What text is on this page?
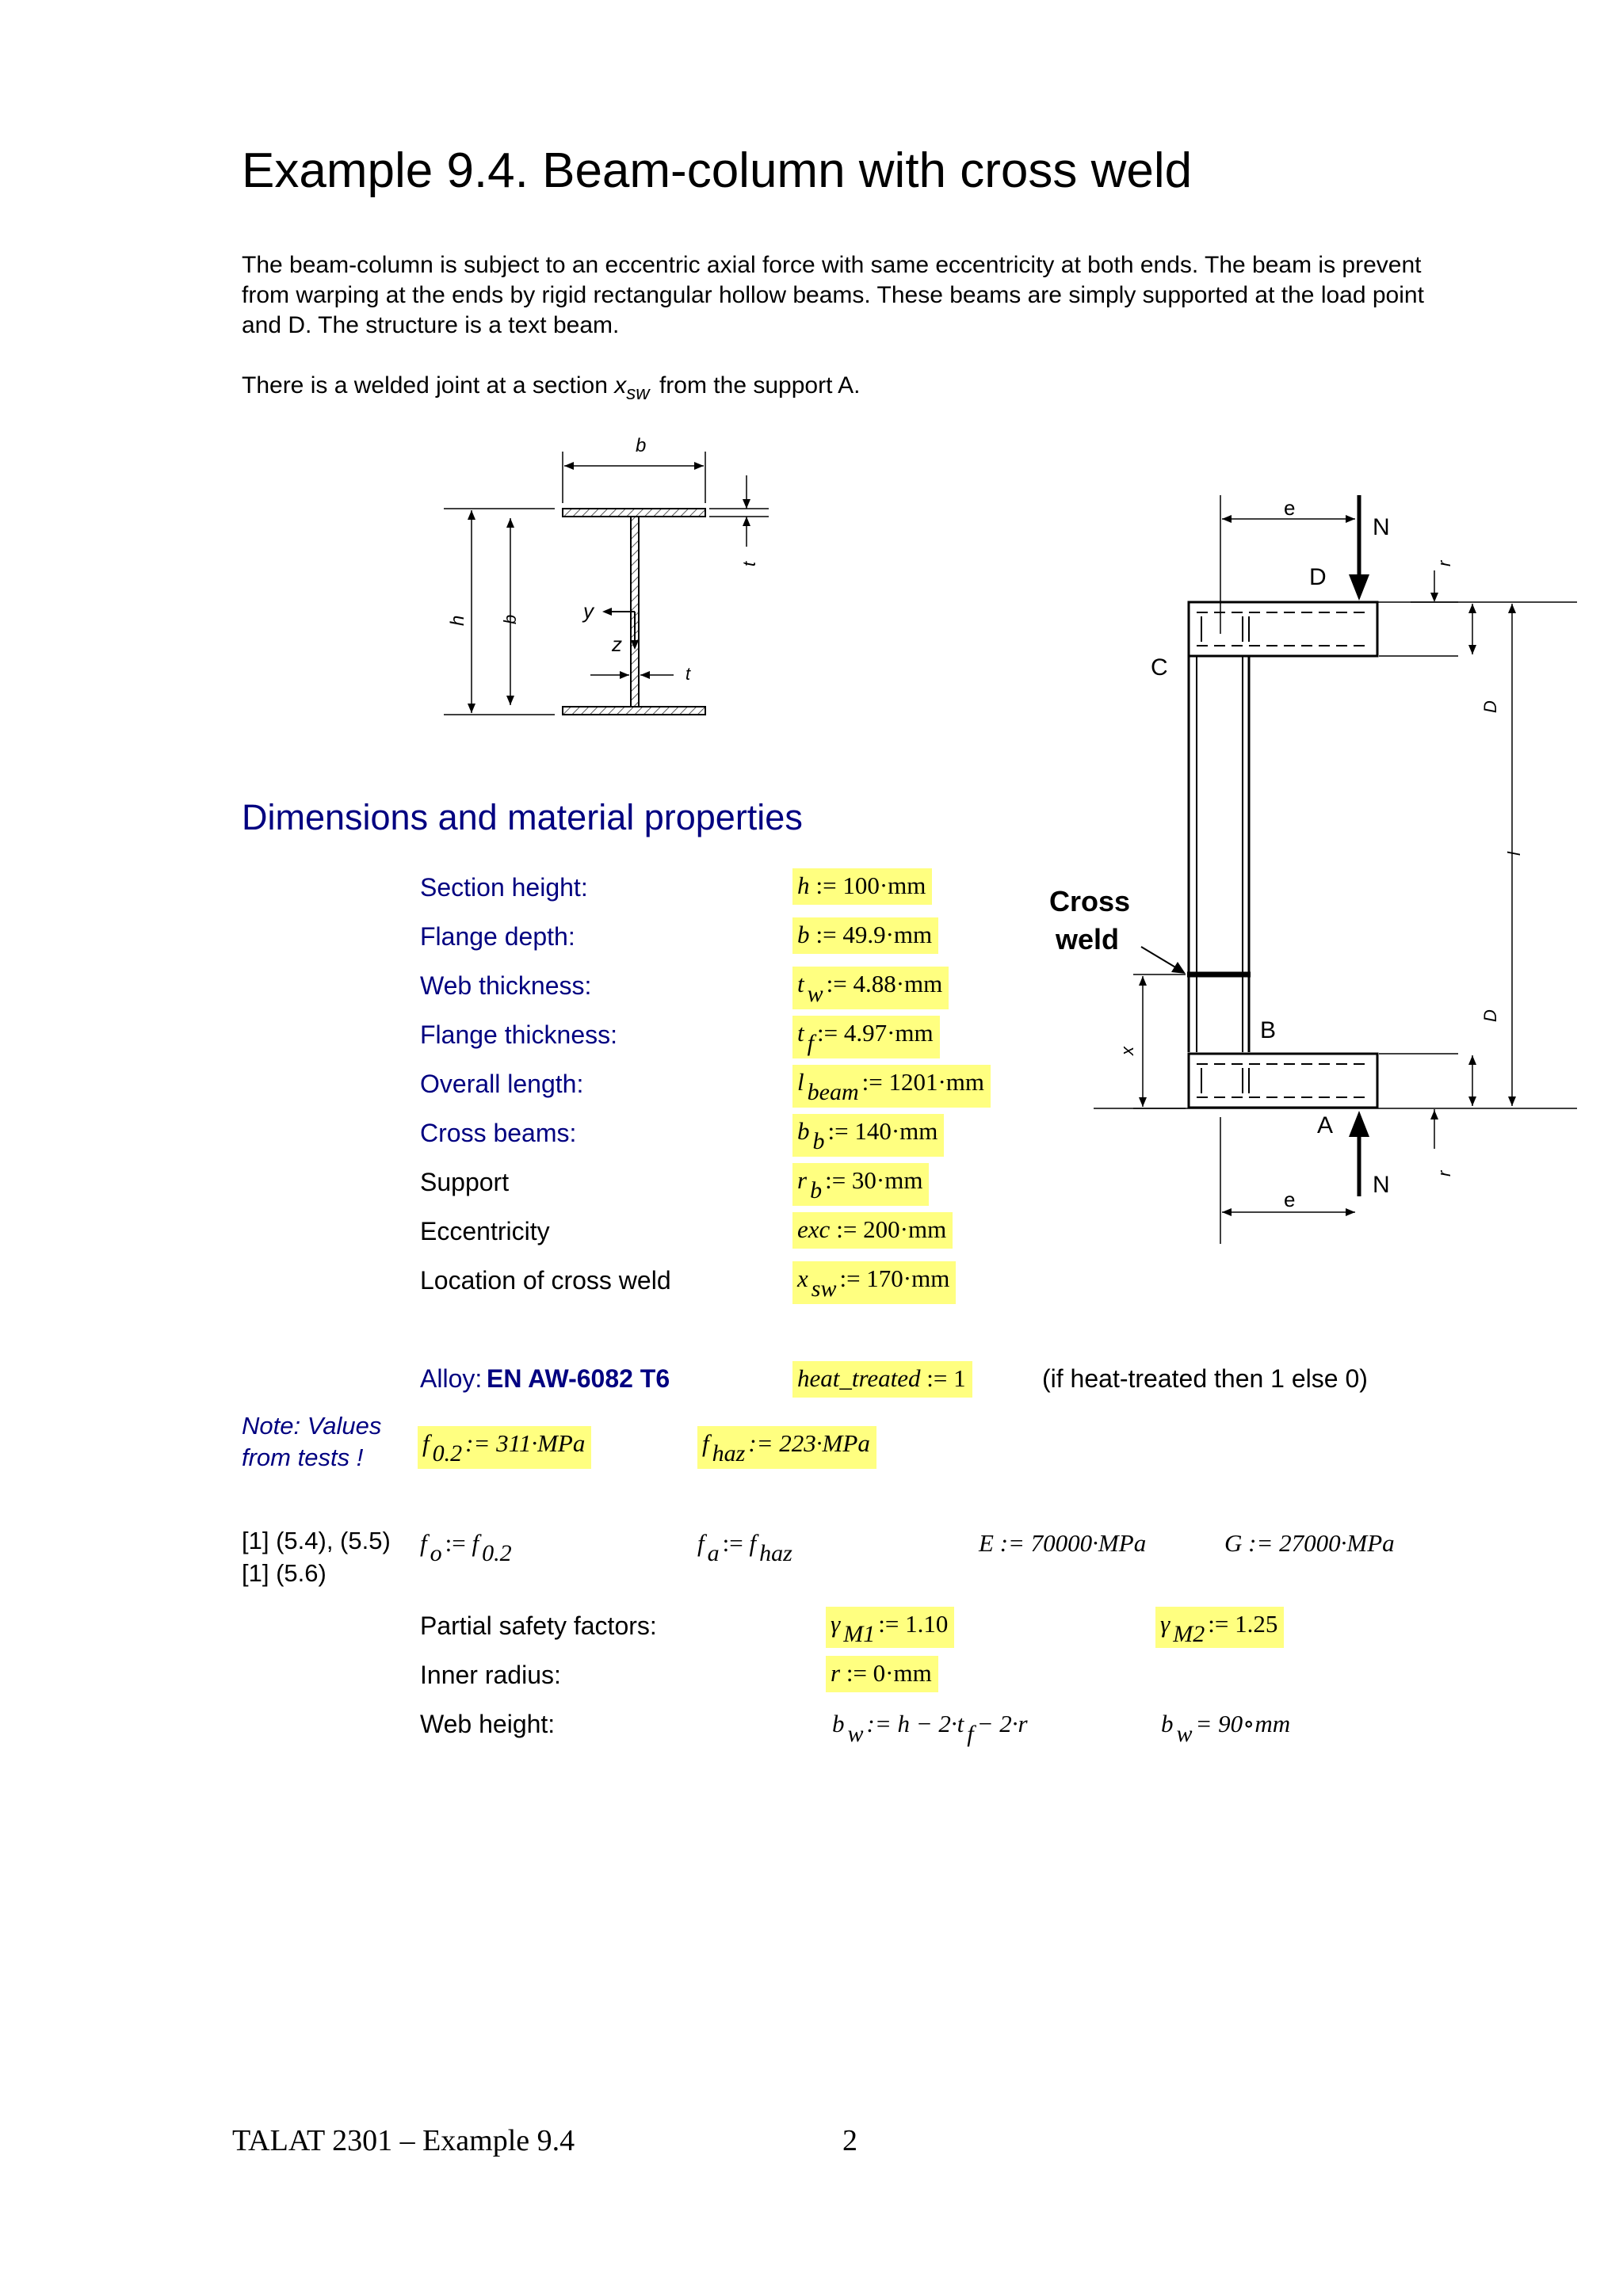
Example 9.4. Beam-column with cross weld
The beam-column is subject to an eccentric axial force with same eccentricity at both ends. The beam is prevent
from warping at the ends by rigid rectangular hollow beams. These beams are simply supported at the load point
and D. The structure is a text beam.
There is a welded joint at a section $x_{sw}$ from the support A.
b
h b
t
y
z
t
e
N
D
C
Cross
weld
x
B
A
N
e
r
r
D
D
l
Dimensions and material properties
Section height:	h := 100·mm
Flange depth:	b := 49.9·mm
Web thickness:	t w := 4.88·mm
Flange thickness:	t f := 4.97·mm
Overall length:	l beam := 1201·mm
Cross beams:	b b := 140·mm
Support	r b := 30·mm
Eccentricity	exc := 200·mm
Location of cross weld	x sw := 170·mm
Alloy: EN AW-6082 T6	heat_treated := 1	(if heat-treated then 1 else 0)
Note: Values
from tests !
f 0.2 := 311·MPa	f haz := 223·MPa
[1] (5.4), (5.5)
[1] (5.6)
f o := f 0.2	f a := f haz	E := 70000·MPa	G := 27000·MPa
Partial safety factors:	γ M1 := 1.10	γ M2 := 1.25
Inner radius:	r := 0·mm
Web height:	b w := h − 2·t f − 2·r	b w = 90∘mm
TALAT 2301 – Example 9.4	2
